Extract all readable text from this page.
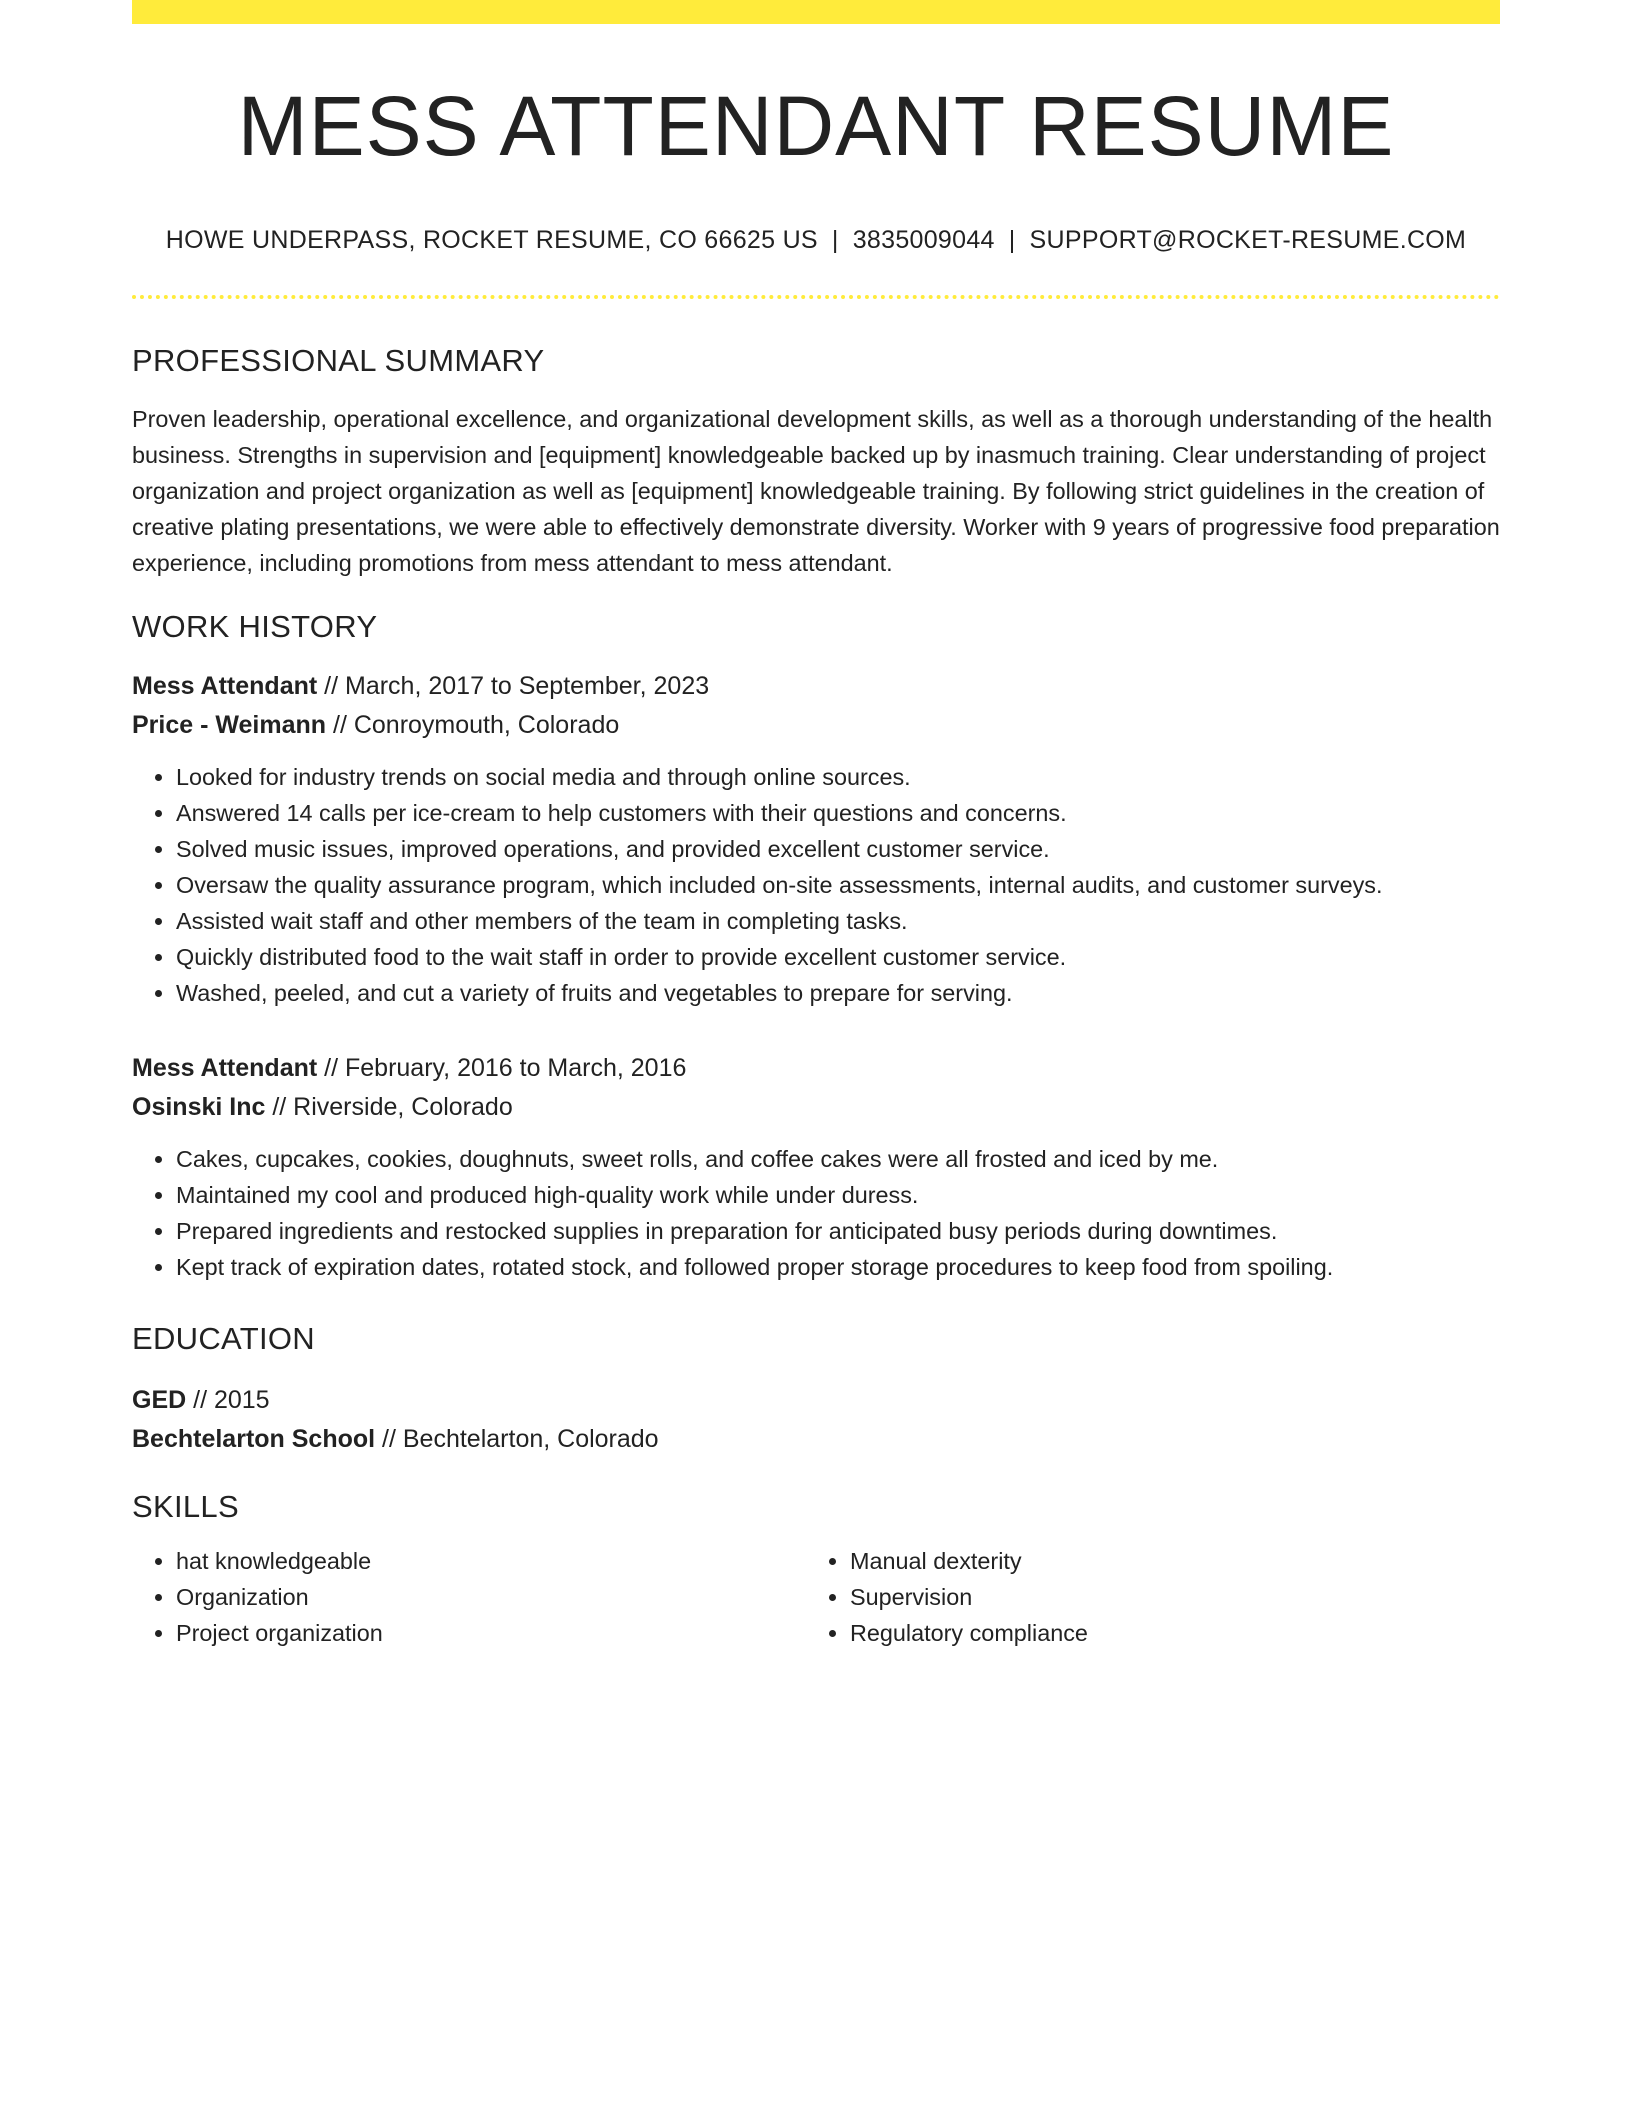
MESS ATTENDANT RESUME
HOWE UNDERPASS, ROCKET RESUME, CO 66625 US | 3835009044 | SUPPORT@ROCKET-RESUME.COM
PROFESSIONAL SUMMARY

Proven leadership, operational excellence, and organizational development skills, as well as a thorough understanding of the health business. Strengths in supervision and [equipment] knowledgeable backed up by inasmuch training. Clear understanding of project organization and project organization as well as [equipment] knowledgeable training. By following strict guidelines in the creation of creative plating presentations, we were able to effectively demonstrate diversity. Worker with 9 years of progressive food preparation experience, including promotions from mess attendant to mess attendant.

WORK HISTORY
Mess Attendant // March, 2017 to September, 2023
Price - Weimann // Conroymouth, Colorado
• Looked for industry trends on social media and through online sources.
• Answered 14 calls per ice-cream to help customers with their questions and concerns.
• Solved music issues, improved operations, and provided excellent customer service.
• Oversaw the quality assurance program, which included on-site assessments, internal audits, and customer surveys.
• Assisted wait staff and other members of the team in completing tasks.
• Quickly distributed food to the wait staff in order to provide excellent customer service.
• Washed, peeled, and cut a variety of fruits and vegetables to prepare for serving.
Mess Attendant // February, 2016 to March, 2016
Osinski Inc // Riverside, Colorado
• Cakes, cupcakes, cookies, doughnuts, sweet rolls, and coffee cakes were all frosted and iced by me.
• Maintained my cool and produced high-quality work while under duress.
• Prepared ingredients and restocked supplies in preparation for anticipated busy periods during downtimes.
• Kept track of expiration dates, rotated stock, and followed proper storage procedures to keep food from spoiling.
EDUCATION
GED // 2015
Bechtelarton School // Bechtelarton, Colorado
SKILLS
• hat knowledgeable
• Organization
• Project organization
• Manual dexterity
• Supervision
• Regulatory compliance
